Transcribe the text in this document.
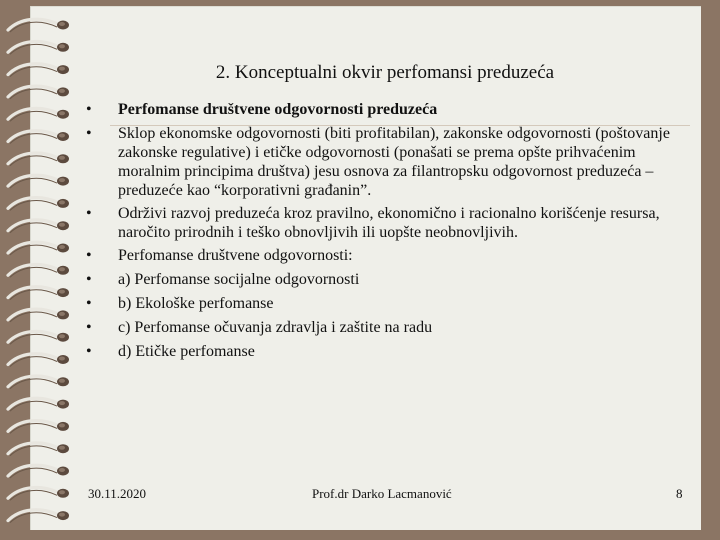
2. Konceptualni okvir perfomansi preduzeća
•	Perfomanse društvene odgovornosti preduzeća
•	Sklop ekonomske odgovornosti (biti profitabilan), zakonske odgovornosti (poštovanje zakonske regulative) i etičke odgovornosti (ponašati se prema opšte prihvaćenim moralnim principima društva) jesu osnova za filantropsku odgovornost preduzeća – preduzeće kao “korporativni građanin”.
•	Održivi razvoj preduzeća kroz pravilno, ekonomično i racionalno korišćenje resursa, naročito prirodnih i teško obnovljivih ili uopšte neobnovljivih.
•	Perfomanse društvene odgovornosti:
•	a) Perfomanse socijalne odgovornosti
•	b) Ekološke perfomanse
•	c) Perfomanse očuvanja zdravlja i zaštite na radu
•	d) Etičke perfomanse
30.11.2020	Prof.dr Darko Lacmanović	8
